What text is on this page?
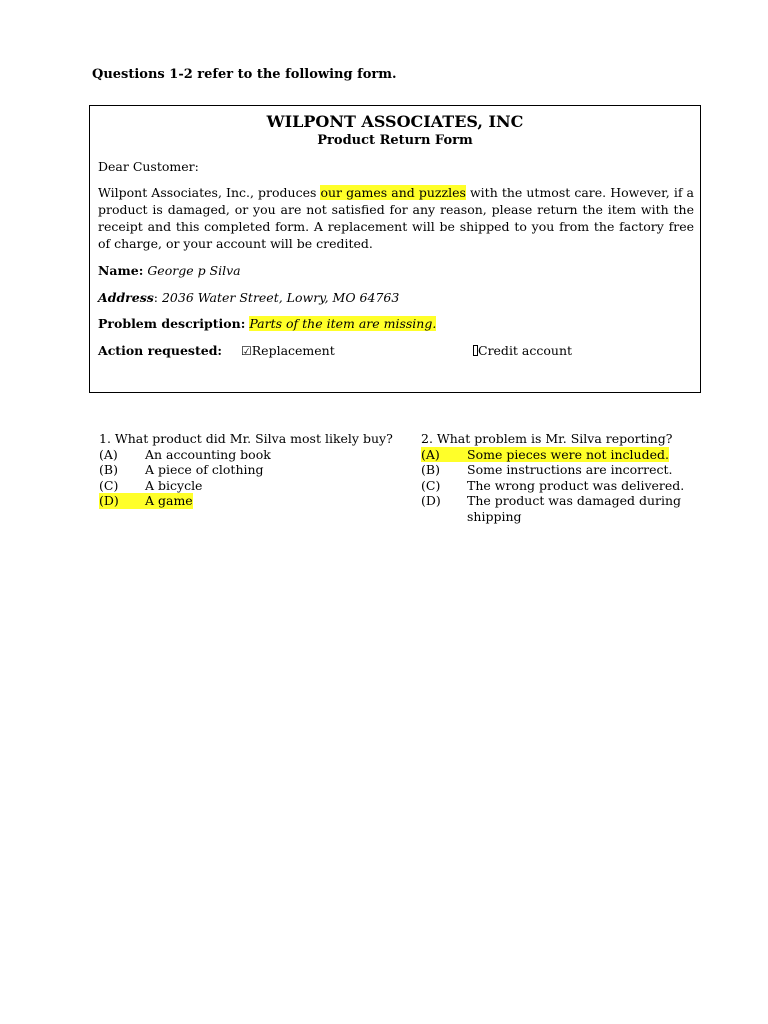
Questions 1-2 refer to the following form.
WILPONT ASSOCIATES, INC
Product Return Form
Dear Customer:
Wilpont Associates, Inc., produces our games and puzzles with the utmost care. However, if a product is damaged, or you are not satisfied for any reason, please return the item with the receipt and this completed form. A replacement will be shipped to you from the factory free of charge, or your account will be credited.
Name: George p Silva
Address: 2036 Water Street, Lowry, MO 64763
Problem description: Parts of the item are missing.
Action requested: ☑Replacement	Credit account
1. What product did Mr. Silva most likely buy?
(A) An accounting book
(B) A piece of clothing
(C) A bicycle
(D) A game
2. What problem is Mr. Silva reporting?
(A) Some pieces were not included.
(B) Some instructions are incorrect.
(C) The wrong product was delivered.
(D)	The product was damaged during shipping
